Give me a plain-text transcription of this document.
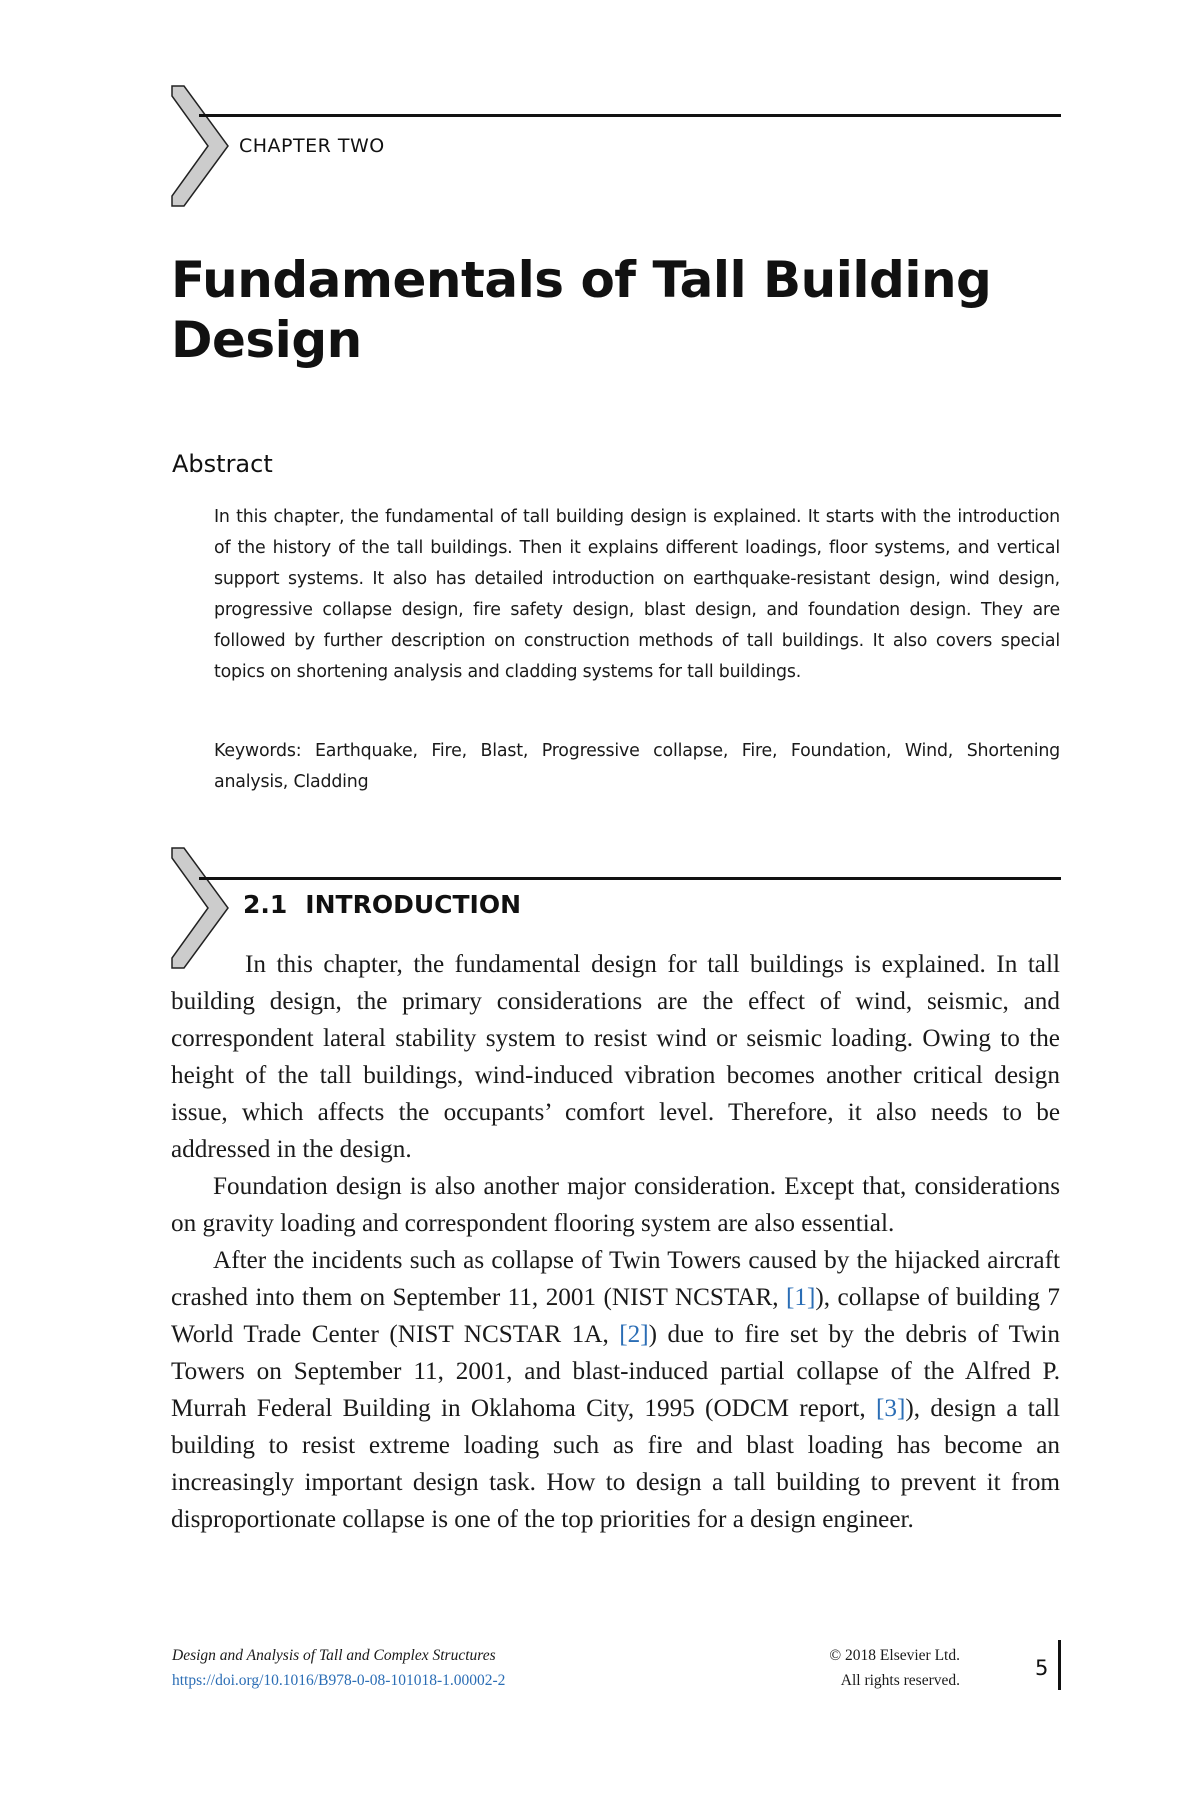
CHAPTER TWO
Fundamentals of Tall Building Design
Abstract

In this chapter, the fundamental of tall building design is explained. It starts with the introduction of the history of the tall buildings. Then it explains different loadings, floor systems, and vertical support systems. It also has detailed introduction on earthquake-resistant design, wind design, progressive collapse design, fire safety design, blast design, and foundation design. They are followed by further description on construction methods of tall buildings. It also covers special topics on shortening analysis and cladding systems for tall buildings.

Keywords: Earthquake, Fire, Blast, Progressive collapse, Fire, Foundation, Wind, Shortening analysis, Cladding

2.1 INTRODUCTION

In this chapter, the fundamental design for tall buildings is explained. In tall building design, the primary considerations are the effect of wind, seismic, and correspondent lateral stability system to resist wind or seismic loading. Owing to the height of the tall buildings, wind-induced vibration becomes another critical design issue, which affects the occupants’ comfort level. Therefore, it also needs to be addressed in the design.

Foundation design is also another major consideration. Except that, considerations on gravity loading and correspondent flooring system are also essential.

After the incidents such as collapse of Twin Towers caused by the hijacked aircraft crashed into them on September 11, 2001 (NIST NCSTAR, [1]), collapse of building 7 World Trade Center (NIST NCSTAR 1A, [2]) due to fire set by the debris of Twin Towers on September 11, 2001, and blast-induced partial collapse of the Alfred P. Murrah Federal Building in Oklahoma City, 1995 (ODCM report, [3]), design a tall building to resist extreme loading such as fire and blast loading has become an increasingly important design task. How to design a tall building to prevent it from disproportionate collapse is one of the top priorities for a design engineer.

Design and Analysis of Tall and Complex Structures
https://doi.org/10.1016/B978-0-08-101018-1.00002-2
© 2018 Elsevier Ltd.
All rights reserved.
5
